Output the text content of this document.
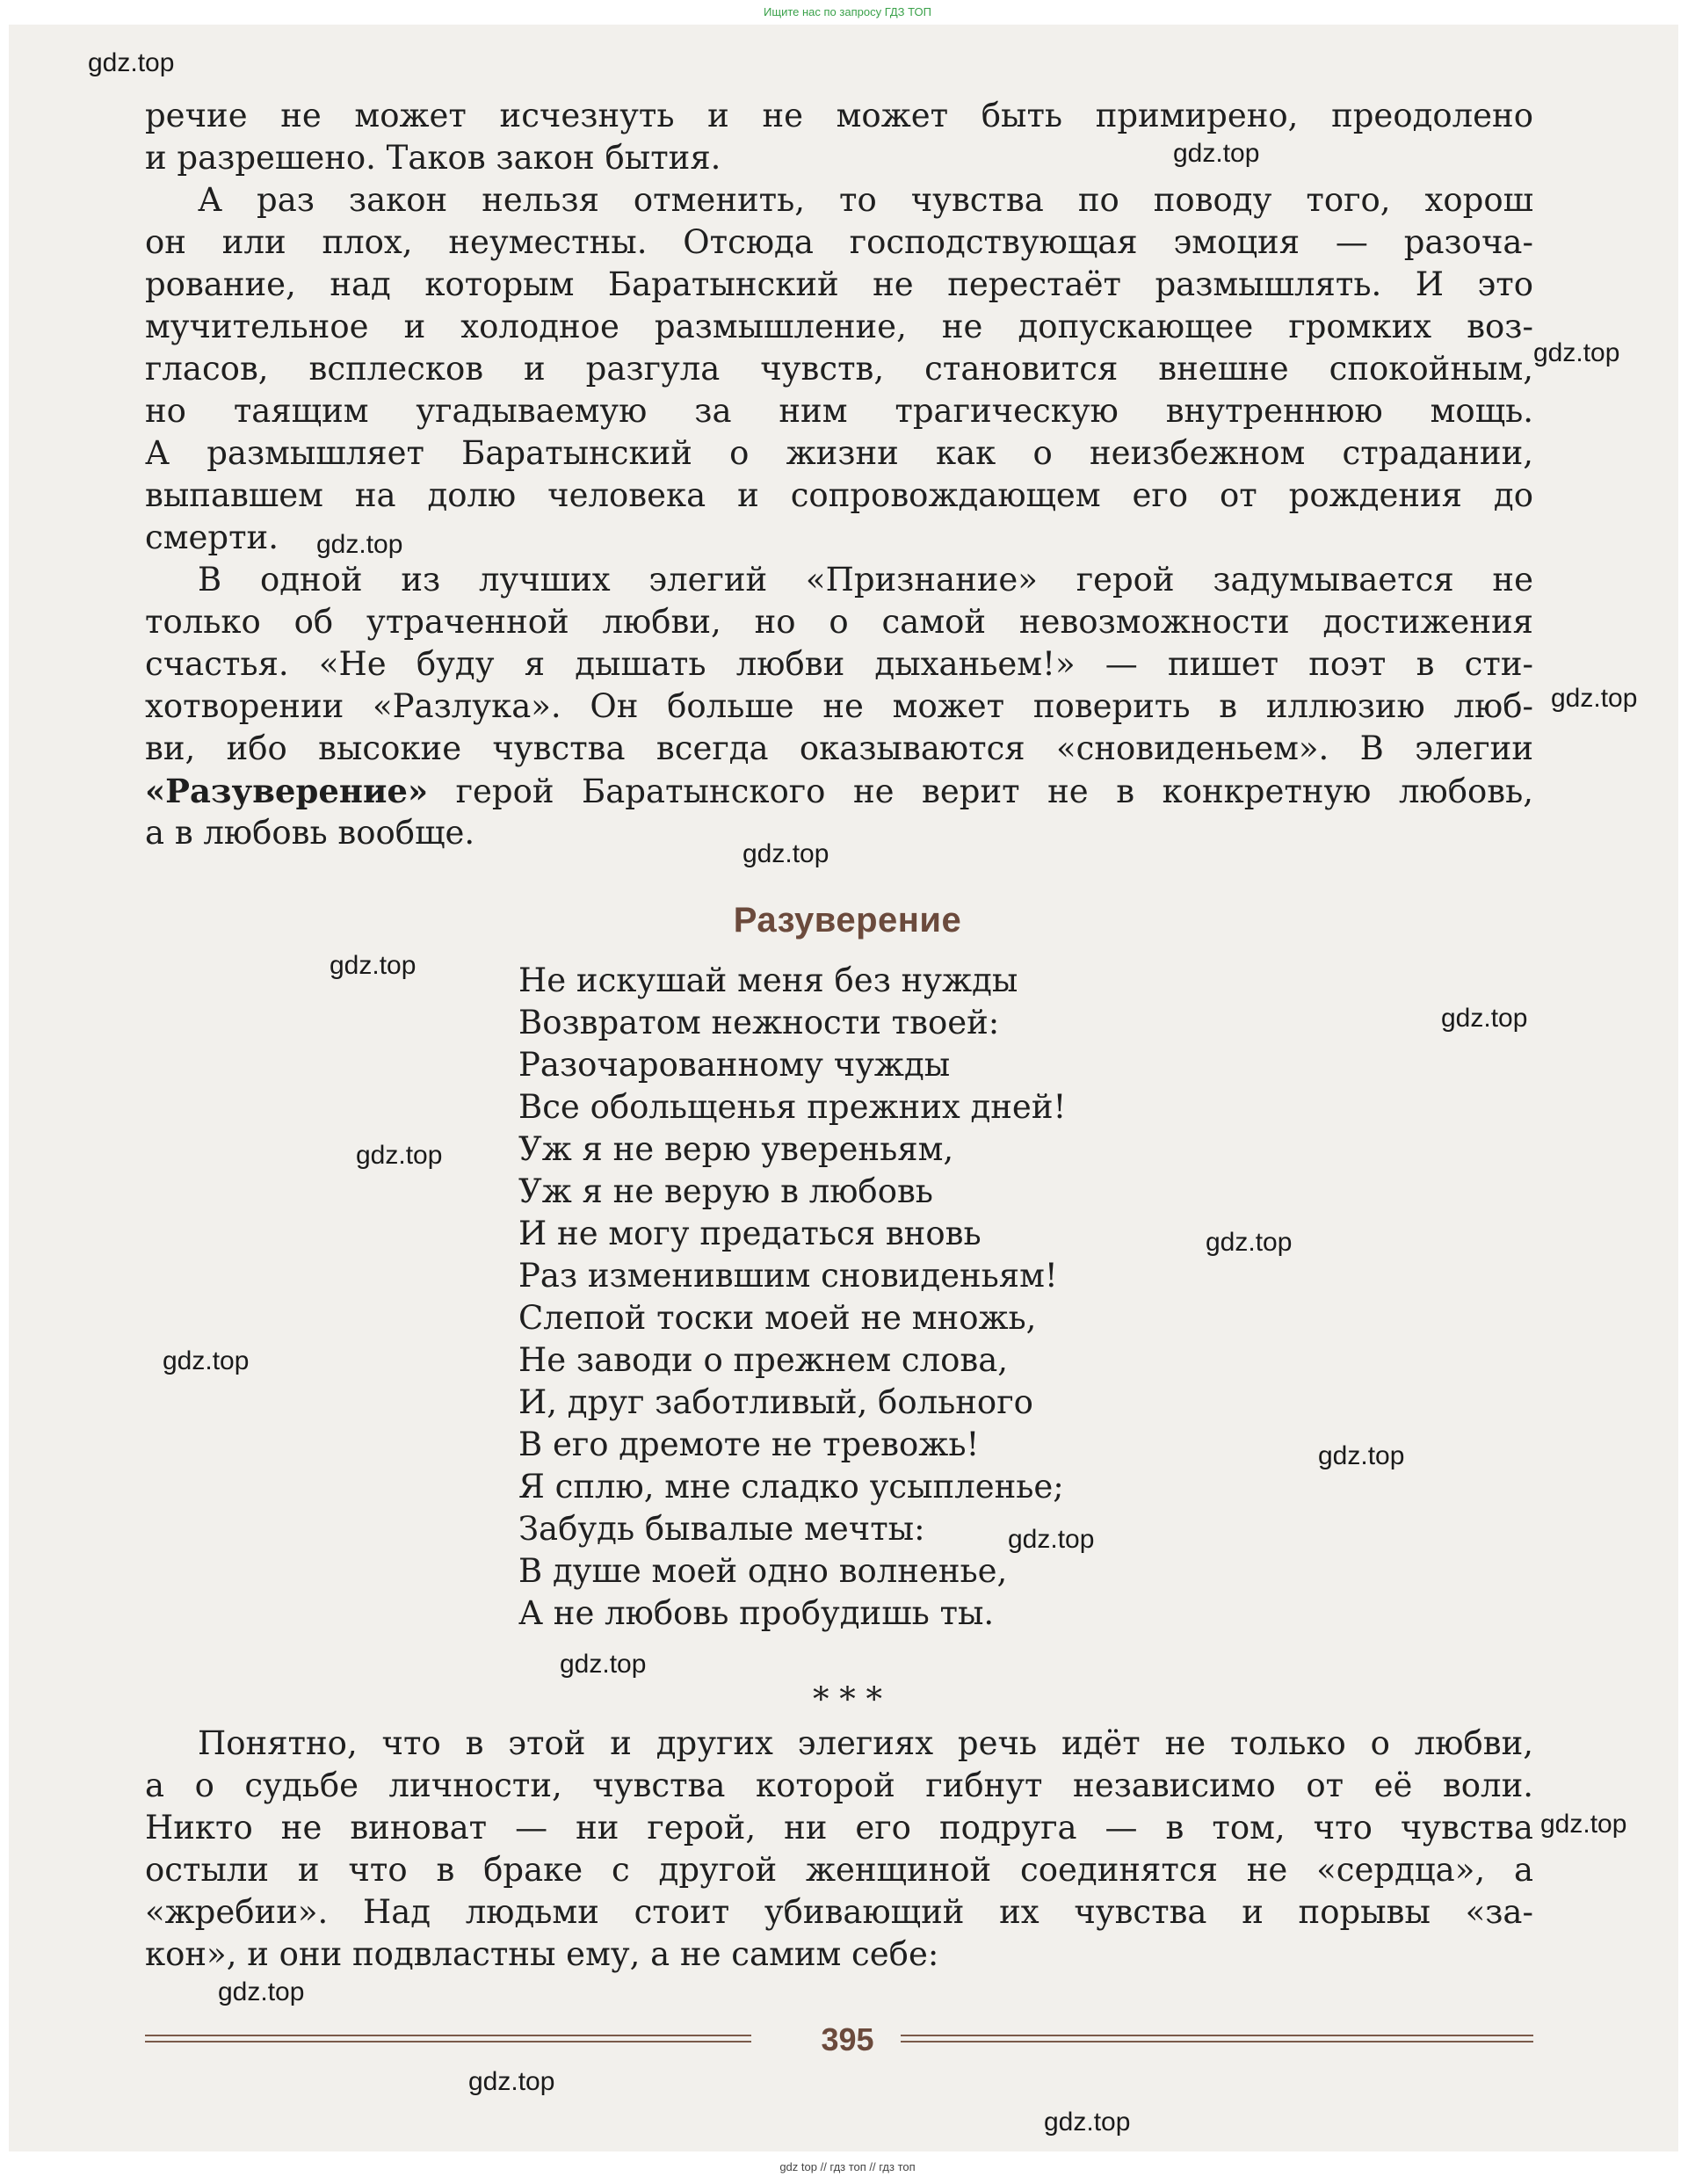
Ищите нас по запросу ГДЗ ТОП
речие не может исчезнуть и не может быть примирено, преодолено
и разрешено. Таков закон бытия.
А раз закон нельзя отменить, то чувства по поводу того, хорош
он или плох, неуместны. Отсюда господствующая эмоция — разоча-
рование, над которым Баратынский не перестаёт размышлять. И это
мучительное и холодное размышление, не допускающее громких воз-
гласов, всплесков и разгула чувств, становится внешне спокойным,
но таящим угадываемую за ним трагическую внутреннюю мощь.
А размышляет Баратынский о жизни как о неизбежном страдании,
выпавшем на долю человека и сопровождающем его от рождения до
смерти.
В одной из лучших элегий «Признание» герой задумывается не
только об утраченной любви, но о самой невозможности достижения
счастья. «Не буду я дышать любви дыханьем!» — пишет поэт в сти-
хотворении «Разлука». Он больше не может поверить в иллюзию люб-
ви, ибо высокие чувства всегда оказываются «сновиденьем». В элегии
«Разуверение» герой Баратынского не верит не в конкретную любовь,
а в любовь вообще.
Разуверение
Не искушай меня без нужды
Возвратом нежности твоей:
Разочарованному чужды
Все обольщенья прежних дней!
Уж я не верю увереньям,
Уж я не верую в любовь
И не могу предаться вновь
Раз изменившим сновиденьям!
Слепой тоски моей не множь,
Не заводи о прежнем слова,
И, друг заботливый, больного
В его дремоте не тревожь!
Я сплю, мне сладко усыпленье;
Забудь бывалые мечты:
В душе моей одно волненье,
А не любовь пробудишь ты.
* * *
Понятно, что в этой и других элегиях речь идёт не только о любви,
а о судьбе личности, чувства которой гибнут независимо от её воли.
Никто не виноват — ни герой, ни его подруга — в том, что чувства
остыли и что в браке с другой женщиной соединятся не «сердца», а
«жребии». Над людьми стоит убивающий их чувства и порывы «за-
кон», и они подвластны ему, а не самим себе:
395
gdz.top
gdz.top
gdz.top
gdz.top
gdz.top
gdz.top
gdz.top
gdz.top
gdz.top
gdz.top
gdz.top
gdz.top
gdz.top
gdz.top
gdz.top
gdz.top
gdz.top
gdz.top
gdz top // гдз топ // гдз топ
